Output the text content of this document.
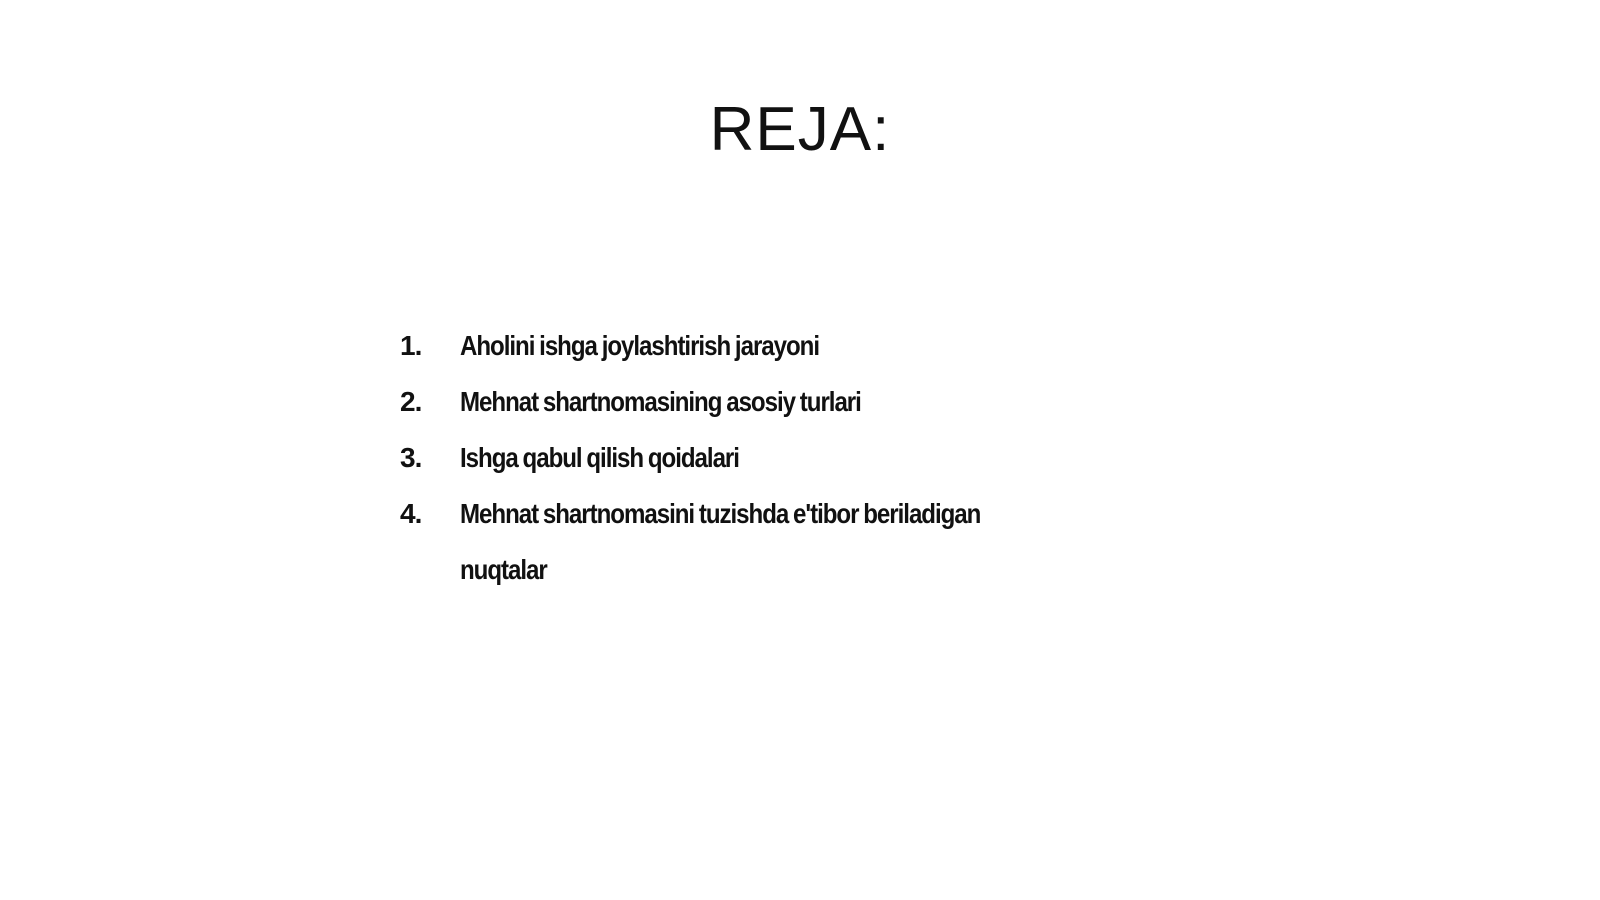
REJA:
1.	Aholini ishga joylashtirish jarayoni
2.	Mehnat shartnomasining asosiy turlari
3.	Ishga qabul qilish qoidalari
4.	Mehnat shartnomasini tuzishda e'tibor beriladigan nuqtalar
